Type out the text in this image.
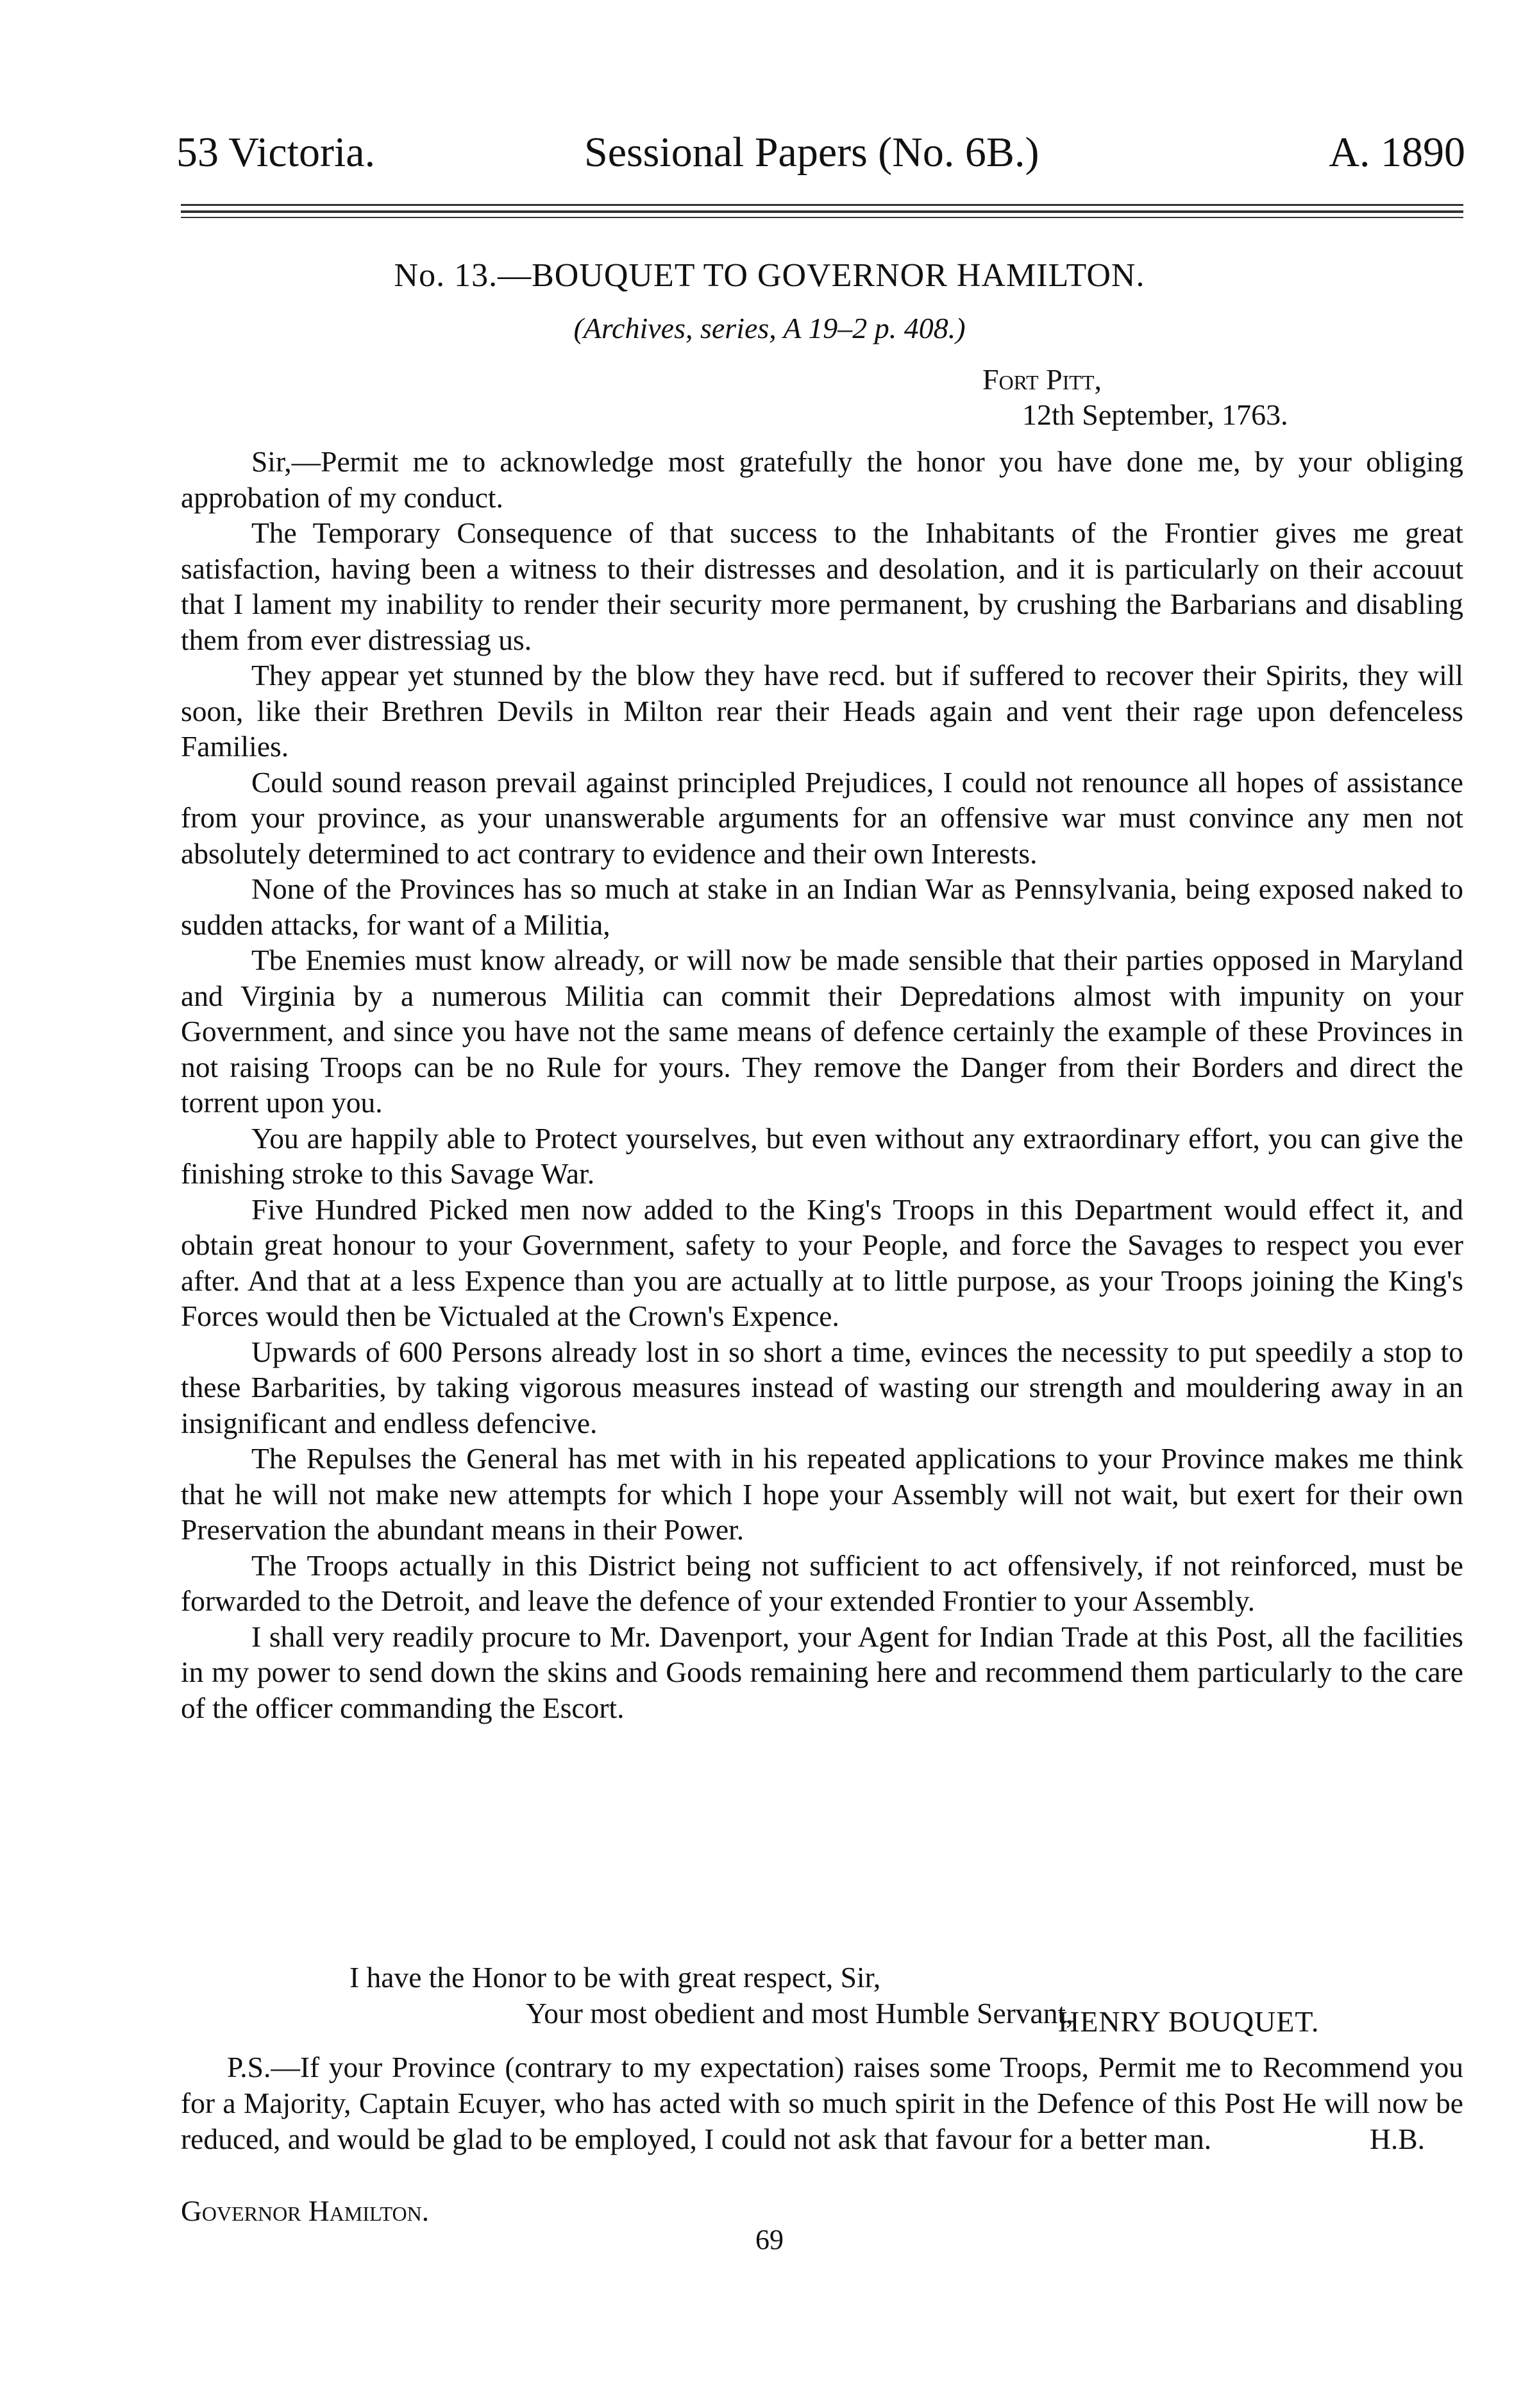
53 Victoria.	Sessional Papers (No. 6B.)	A. 1890
No. 13.—BOUQUET TO GOVERNOR HAMILTON.
(Archives, series, A 19–2 p. 408.)
Fort Pitt,
12th September, 1763.

Sir,—Permit me to acknowledge most gratefully the honor you have done me, by your obliging approbation of my conduct.

The Temporary Consequence of that success to the Inhabitants of the Frontier gives me great satisfaction, having been a witness to their distresses and desolation, and it is particularly on their accouut that I lament my inability to render their security more permanent, by crushing the Barbarians and disabling them from ever distressiag us.

They appear yet stunned by the blow they have recd. but if suffered to recover their Spirits, they will soon, like their Brethren Devils in Milton rear their Heads again and vent their rage upon defenceless Families.

Could sound reason prevail against principled Prejudices, I could not renounce all hopes of assistance from your province, as your unanswerable arguments for an offensive war must convince any men not absolutely determined to act contrary to evidence and their own Interests.

None of the Provinces has so much at stake in an Indian War as Pennsylvania, being exposed naked to sudden attacks, for want of a Militia,

Tbe Enemies must know already, or will now be made sensible that their parties opposed in Maryland and Virginia by a numerous Militia can commit their Depredations almost with impunity on your Government, and since you have not the same means of defence certainly the example of these Provinces in not raising Troops can be no Rule for yours. They remove the Danger from their Borders and direct the torrent upon you.

You are happily able to Protect yourselves, but even without any extraordinary effort, you can give the finishing stroke to this Savage War.

Five Hundred Picked men now added to the King's Troops in this Department would effect it, and obtain great honour to your Government, safety to your People, and force the Savages to respect you ever after. And that at a less Expence than you are actually at to little purpose, as your Troops joining the King's Forces would then be Victualed at the Crown's Expence.

Upwards of 600 Persons already lost in so short a time, evinces the necessity to put speedily a stop to these Barbarities, by taking vigorous measures instead of wasting our strength and mouldering away in an insignificant and endless defencive.

The Repulses the General has met with in his repeated applications to your Province makes me think that he will not make new attempts for which I hope your Assembly will not wait, but exert for their own Preservation the abundant means in their Power.

The Troops actually in this District being not sufficient to act offensively, if not reinforced, must be forwarded to the Detroit, and leave the defence of your extended Frontier to your Assembly.

I shall very readily procure to Mr. Davenport, your Agent for Indian Trade at this Post, all the facilities in my power to send down the skins and Goods remaining here and recommend them particularly to the care of the officer commanding the Escort.

I have the Honor to be with great respect, Sir,
Your most obedient and most Humble Servant,
HENRY BOUQUET.

P.S.—If your Province (contrary to my expectation) raises some Troops, Permit me to Recommend you for a Majority, Captain Ecuyer, who has acted with so much spirit in the Defence of this Post He will now be reduced, and would be glad to be employed, I could not ask that favour for a better man.	H.B.

Governor Hamilton.
69
